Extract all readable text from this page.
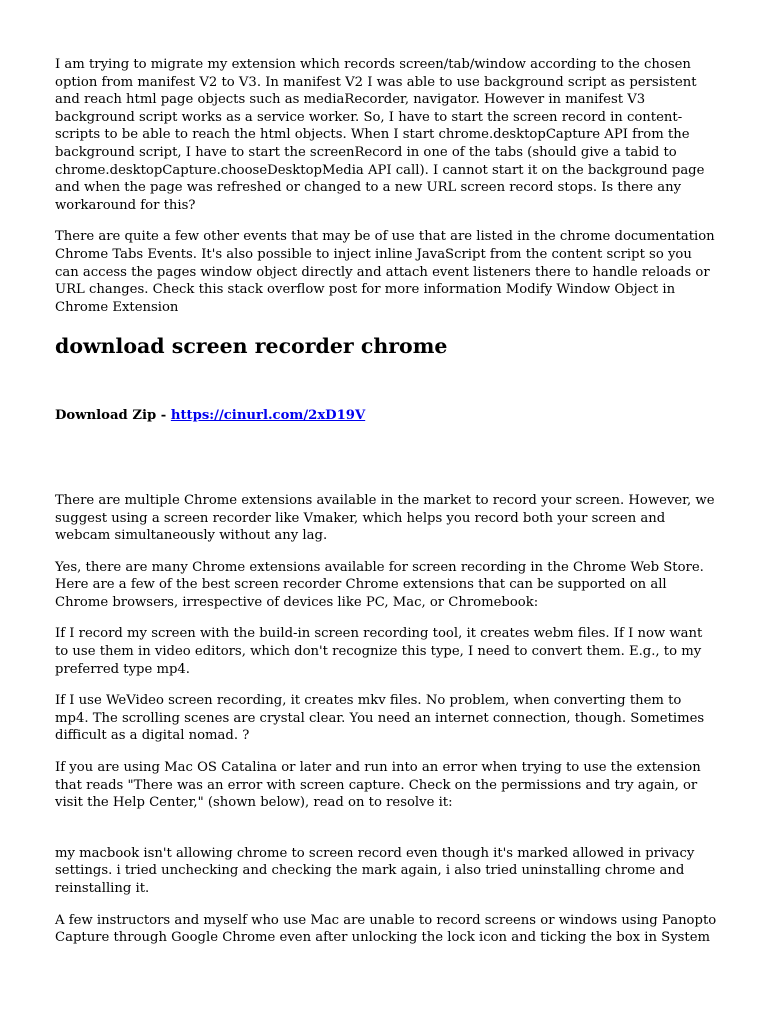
I am trying to migrate my extension which records screen/tab/window according to the chosen option from manifest V2 to V3. In manifest V2 I was able to use background script as persistent and reach html page objects such as mediaRecorder, navigator. However in manifest V3 background script works as a service worker. So, I have to start the screen record in content-scripts to be able to reach the html objects. When I start chrome.desktopCapture API from the background script, I have to start the screenRecord in one of the tabs (should give a tabid to chrome.desktopCapture.chooseDesktopMedia API call). I cannot start it on the background page and when the page was refreshed or changed to a new URL screen record stops. Is there any workaround for this?

There are quite a few other events that may be of use that are listed in the chrome documentation Chrome Tabs Events. It's also possible to inject inline JavaScript from the content script so you can access the pages window object directly and attach event listeners there to handle reloads or URL changes. Check this stack overflow post for more information Modify Window Object in Chrome Extension

download screen recorder chrome
Download Zip - https://cinurl.com/2xD19V

There are multiple Chrome extensions available in the market to record your screen. However, we suggest using a screen recorder like Vmaker, which helps you record both your screen and webcam simultaneously without any lag.

Yes, there are many Chrome extensions available for screen recording in the Chrome Web Store. Here are a few of the best screen recorder Chrome extensions that can be supported on all Chrome browsers, irrespective of devices like PC, Mac, or Chromebook:

If I record my screen with the build-in screen recording tool, it creates webm files. If I now want to use them in video editors, which don't recognize this type, I need to convert them. E.g., to my preferred type mp4.

If I use WeVideo screen recording, it creates mkv files. No problem, when converting them to mp4. The scrolling scenes are crystal clear. You need an internet connection, though. Sometimes difficult as a digital nomad. ?

If you are using Mac OS Catalina or later and run into an error when trying to use the extension that reads "There was an error with screen capture. Check on the permissions and try again, or visit the Help Center," (shown below), read on to resolve it:

my macbook isn't allowing chrome to screen record even though it's marked allowed in privacy settings. i tried unchecking and checking the mark again, i also tried uninstalling chrome and reinstalling it.

A few instructors and myself who use Mac are unable to record screens or windows using Panopto Capture through Google Chrome even after unlocking the lock icon and ticking the box in System
